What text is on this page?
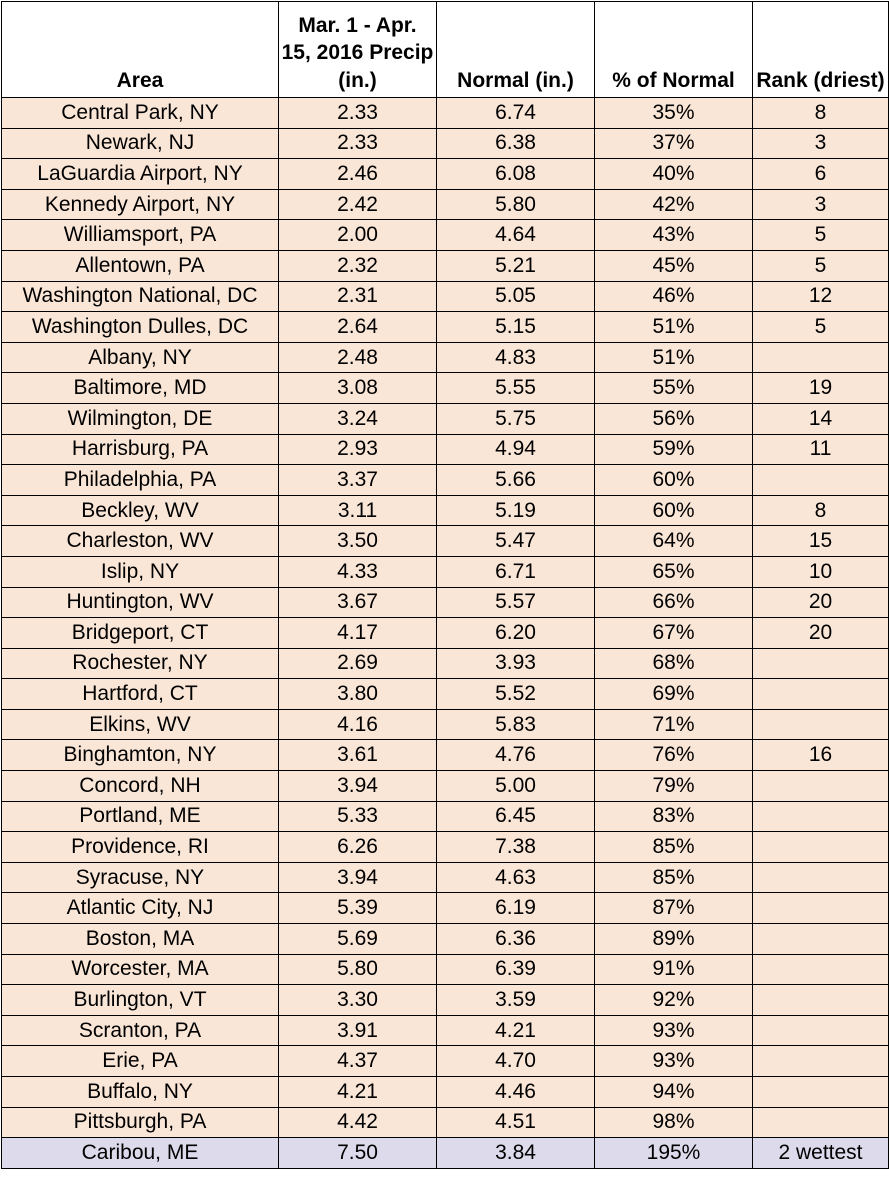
Area	Mar. 1 - Apr. 15, 2016 Precip (in.)	Normal (in.)	% of Normal	Rank (driest)
Central Park, NY	2.33	6.74	35%	8
Newark, NJ	2.33	6.38	37%	3
LaGuardia Airport, NY	2.46	6.08	40%	6
Kennedy Airport, NY	2.42	5.80	42%	3
Williamsport, PA	2.00	4.64	43%	5
Allentown, PA	2.32	5.21	45%	5
Washington National, DC	2.31	5.05	46%	12
Washington Dulles, DC	2.64	5.15	51%	5
Albany, NY	2.48	4.83	51%	
Baltimore, MD	3.08	5.55	55%	19
Wilmington, DE	3.24	5.75	56%	14
Harrisburg, PA	2.93	4.94	59%	11
Philadelphia, PA	3.37	5.66	60%	
Beckley, WV	3.11	5.19	60%	8
Charleston, WV	3.50	5.47	64%	15
Islip, NY	4.33	6.71	65%	10
Huntington, WV	3.67	5.57	66%	20
Bridgeport, CT	4.17	6.20	67%	20
Rochester, NY	2.69	3.93	68%	
Hartford, CT	3.80	5.52	69%	
Elkins, WV	4.16	5.83	71%	
Binghamton, NY	3.61	4.76	76%	16
Concord, NH	3.94	5.00	79%	
Portland, ME	5.33	6.45	83%	
Providence, RI	6.26	7.38	85%	
Syracuse, NY	3.94	4.63	85%	
Atlantic City, NJ	5.39	6.19	87%	
Boston, MA	5.69	6.36	89%	
Worcester, MA	5.80	6.39	91%	
Burlington, VT	3.30	3.59	92%	
Scranton, PA	3.91	4.21	93%	
Erie, PA	4.37	4.70	93%	
Buffalo, NY	4.21	4.46	94%	
Pittsburgh, PA	4.42	4.51	98%	
Caribou, ME	7.50	3.84	195%	2 wettest
